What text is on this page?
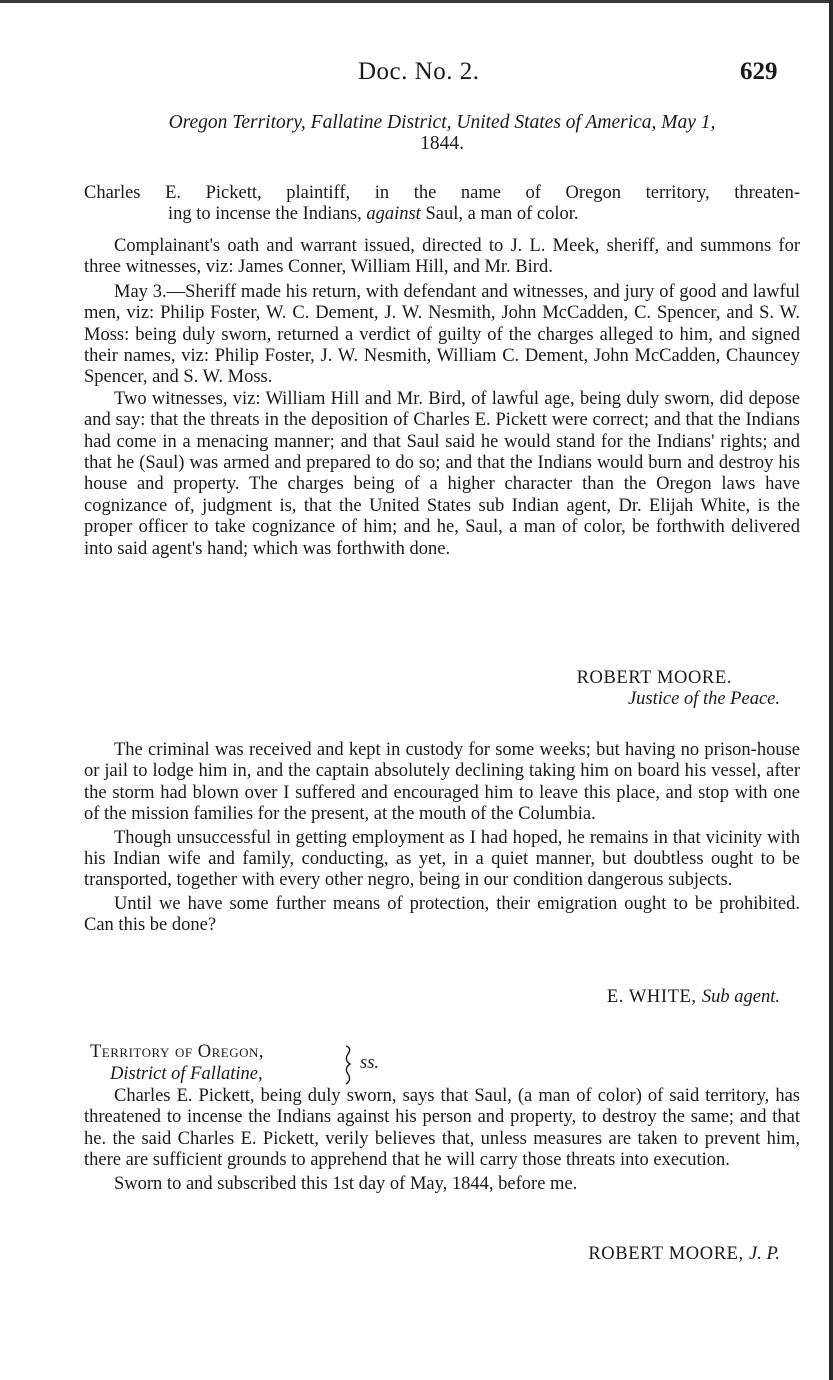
Doc. No. 2.	629
Oregon Territory, Fallatine District, United States of America, May 1,
1844.
Charles E. Pickett, plaintiff, in the name of Oregon territory, threaten-
ing to incense the Indians, against Saul, a man of color.

Complainant's oath and warrant issued, directed to J. L. Meek, sheriff, and summons for three witnesses, viz: James Conner, William Hill, and Mr. Bird.

May 3.—Sheriff made his return, with defendant and witnesses, and jury of good and lawful men, viz: Philip Foster, W. C. Dement, J. W. Nesmith, John McCadden, C. Spencer, and S. W. Moss: being duly sworn, returned a verdict of guilty of the charges alleged to him, and signed their names, viz: Philip Foster, J. W. Nesmith, William C. Dement, John McCadden, Chauncey Spencer, and S. W. Moss.

Two witnesses, viz: William Hill and Mr. Bird, of lawful age, being duly sworn, did depose and say: that the threats in the deposition of Charles E. Pickett were correct; and that the Indians had come in a menacing manner; and that Saul said he would stand for the Indians' rights; and that he (Saul) was armed and prepared to do so; and that the Indians would burn and destroy his house and property. The charges being of a higher character than the Oregon laws have cognizance of, judgment is, that the United States sub Indian agent, Dr. Elijah White, is the proper officer to take cognizance of him; and he, Saul, a man of color, be forthwith delivered into said agent's hand; which was forthwith done.

ROBERT MOORE.
Justice of the Peace.

The criminal was received and kept in custody for some weeks; but having no prison-house or jail to lodge him in, and the captain absolutely declining taking him on board his vessel, after the storm had blown over I suffered and encouraged him to leave this place, and stop with one of the mission families for the present, at the mouth of the Columbia.

Though unsuccessful in getting employment as I had hoped, he remains in that vicinity with his Indian wife and family, conducting, as yet, in a quiet manner, but doubtless ought to be transported, together with every other negro, being in our condition dangerous subjects.

Until we have some further means of protection, their emigration ought to be prohibited. Can this be done?

E. WHITE, Sub agent.
Territory of Oregon,
District of Fallatine,
ss.

Charles E. Pickett, being duly sworn, says that Saul, (a man of color) of said territory, has threatened to incense the Indians against his person and property, to destroy the same; and that he. the said Charles E. Pickett, verily believes that, unless measures are taken to prevent him, there are sufficient grounds to apprehend that he will carry those threats into execution.

Sworn to and subscribed this 1st day of May, 1844, before me.

ROBERT MOORE, J. P.
